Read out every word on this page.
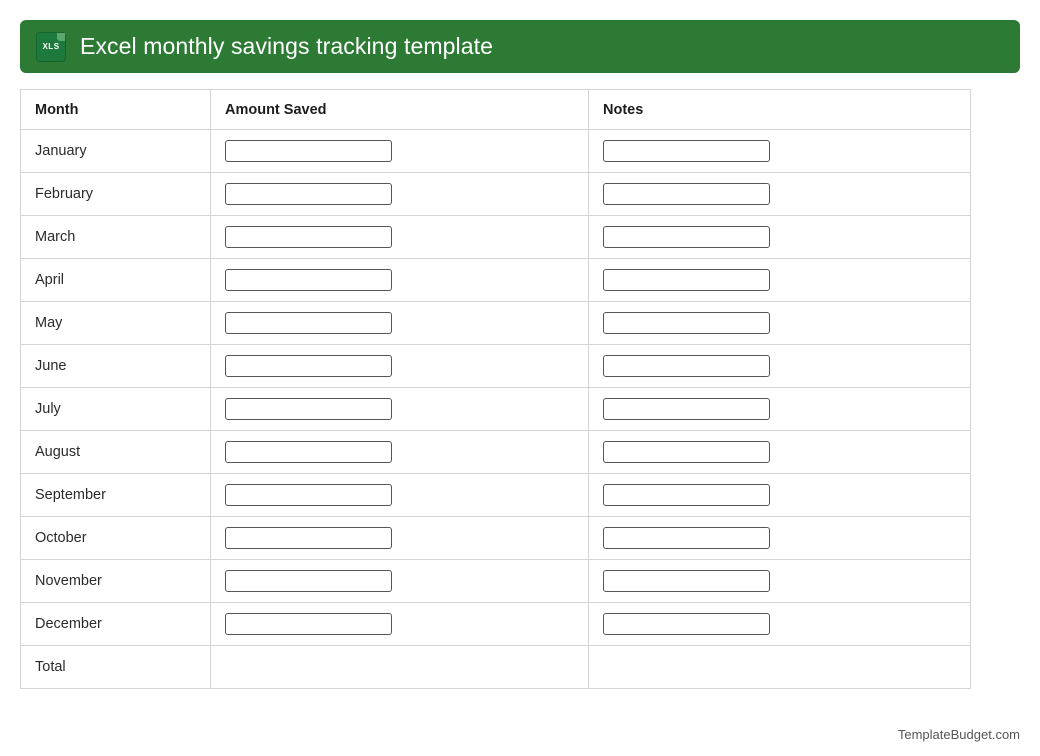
XLS Excel monthly savings tracking template
Month	Amount Saved	Notes
January		
February		
March		
April		
May		
June		
July		
August		
September		
October		
November		
December		
Total		
TemplateBudget.com
